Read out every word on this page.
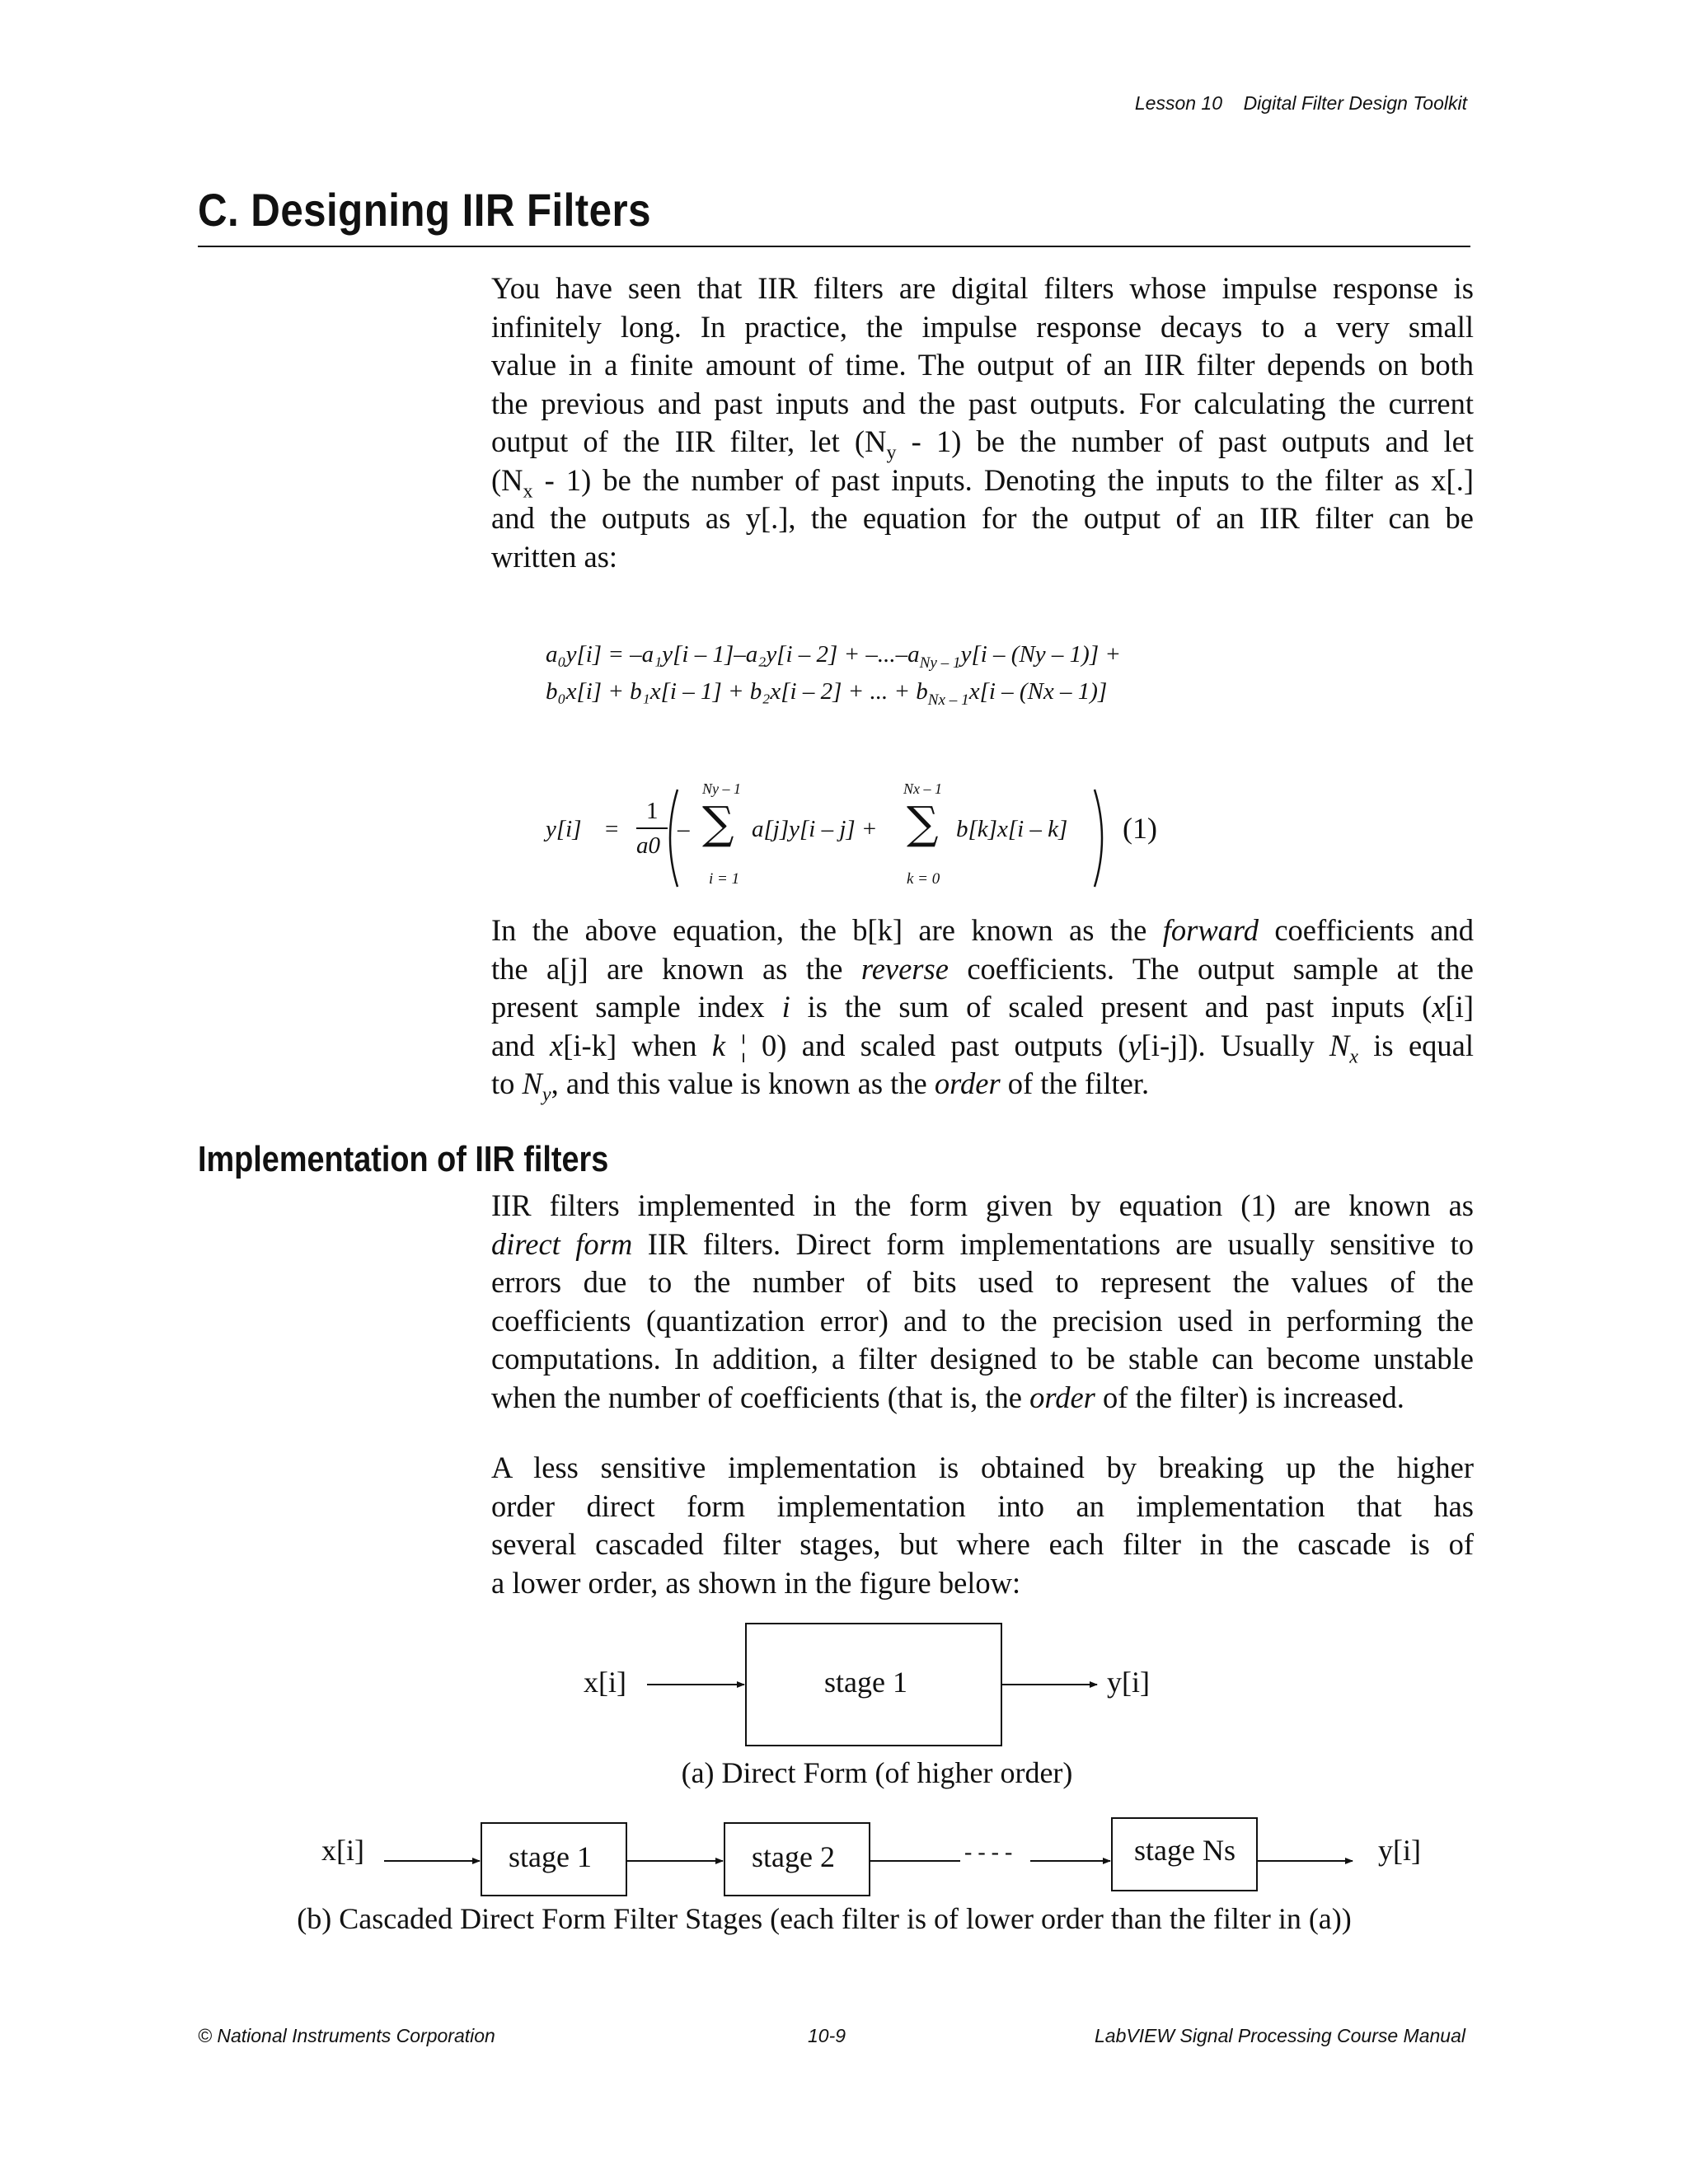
Lesson 10    Digital Filter Design Toolkit
C. Designing IIR Filters
You have seen that IIR filters are digital filters whose impulse response is
infinitely long. In practice, the impulse response decays to a very small
value in a finite amount of time. The output of an IIR filter depends on both
the previous and past inputs and the past outputs. For calculating the current
output of the IIR filter, let $(N_y - 1)$ be the number of past outputs and let
$(N_x - 1)$ be the number of past inputs. Denoting the inputs to the filter as x[.]
and the outputs as y[.], the equation for the output of an IIR filter can be
written as:
$a_0y[i] = -a_1y[i - 1]-a_2y[i - 2] + -...-a_{Ny - 1}y[i - (Ny - 1)]$ +
b₀x[i] + b₁x[i – 1] + b₂x[i – 2] + ... + $b_{Nx - 1}x[i - (Nx - 1)]$
y[i] =
1
a0
–
Ny – 1
∑
i = 1
a[j]y[i – j] +
Nx – 1
∑
k = 0
b[k]x[i – k] (1)
In the above equation, the b[k] are known as the forward coefficients and
the a[j] are known as the reverse coefficients. The output sample at the
present sample index i is the sum of scaled present and past inputs (x[i]
and x[i-k] when k ¦ 0) and scaled past outputs (y[i-j]). Usually $N_x$ is equal
to $N_y$, and this value is known as the order of the filter.
Implementation of IIR filters
IIR filters implemented in the form given by equation (1) are known as
direct form IIR filters. Direct form implementations are usually sensitive to
errors due to the number of bits used to represent the values of the
coefficients (quantization error) and to the precision used in performing the
computations. In addition, a filter designed to be stable can become unstable
when the number of coefficients (that is, the order of the filter) is increased.
A less sensitive implementation is obtained by breaking up the higher
order direct form implementation into an implementation that has
several cascaded filter stages, but where each filter in the cascade is of
a lower order, as shown in the figure below:
x[i]	stage 1	y[i]
(a) Direct Form (of higher order)
x[i]	stage 1	stage 2	- - - -	stage Ns	y[i]
(b) Cascaded Direct Form Filter Stages (each filter is of lower order than the filter in (a))
© National Instruments Corporation	10-9	LabVIEW Signal Processing Course Manual
